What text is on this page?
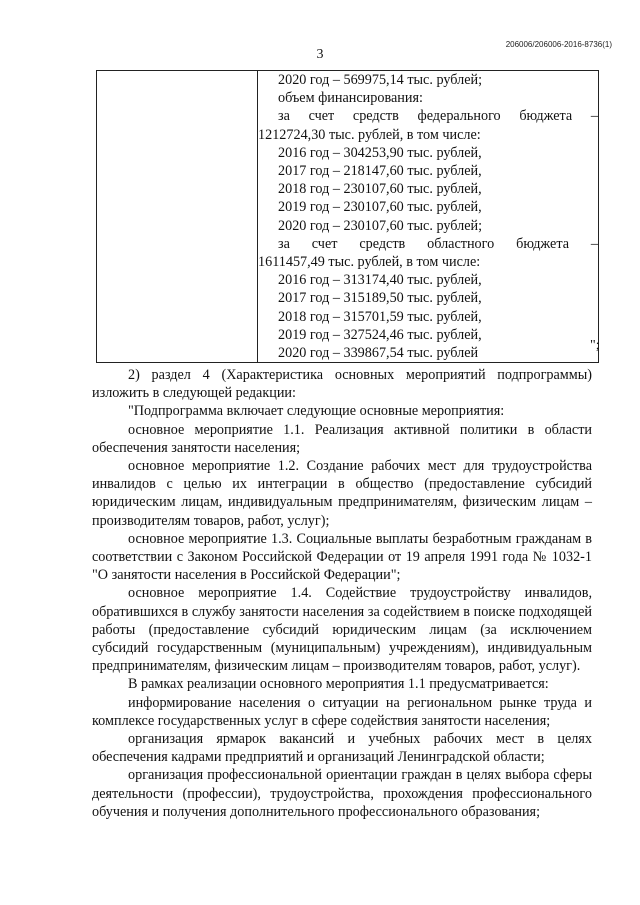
206006/206006-2016-8736(1)
3

2020 год – 569975,14 тыс. рублей;
объем финансирования:
за счет средств федерального бюджета –
1212724,30 тыс. рублей, в том числе:
2016 год – 304253,90 тыс. рублей,
2017 год – 218147,60 тыс. рублей,
2018 год – 230107,60 тыс. рублей,
2019 год – 230107,60 тыс. рублей,
2020 год – 230107,60 тыс. рублей;
за счет средств областного бюджета –
1611457,49 тыс. рублей, в том числе:
2016 год – 313174,40 тыс. рублей,
2017 год – 315189,50 тыс. рублей,
2018 год – 315701,59 тыс. рублей,
2019 год – 327524,46 тыс. рублей,
2020 год – 339867,54 тыс. рублей	";

2) раздел 4 (Характеристика основных мероприятий подпрограммы) изложить в следующей редакции:

"Подпрограмма включает следующие основные мероприятия:

основное мероприятие 1.1. Реализация активной политики в области обеспечения занятости населения;

основное мероприятие 1.2. Создание рабочих мест для трудоустройства инвалидов с целью их интеграции в общество (предоставление субсидий юридическим лицам, индивидуальным предпринимателям, физическим лицам – производителям товаров, работ, услуг);

основное мероприятие 1.3. Социальные выплаты безработным гражданам в соответствии с Законом Российской Федерации от 19 апреля 1991 года № 1032-1 "О занятости населения в Российской Федерации";

основное мероприятие 1.4. Содействие трудоустройству инвалидов, обратившихся в службу занятости населения за содействием в поиске подходящей работы (предоставление субсидий юридическим лицам (за исключением субсидий государственным (муниципальным) учреждениям), индивидуальным предпринимателям, физическим лицам – производителям товаров, работ, услуг).

В рамках реализации основного мероприятия 1.1 предусматривается:

информирование населения о ситуации на региональном рынке труда и комплексе государственных услуг в сфере содействия занятости населения;

организация ярмарок вакансий и учебных рабочих мест в целях обеспечения кадрами предприятий и организаций Ленинградской области;

организация профессиональной ориентации граждан в целях выбора сферы деятельности (профессии), трудоустройства, прохождения профессионального обучения и получения дополнительного профессионального образования;
